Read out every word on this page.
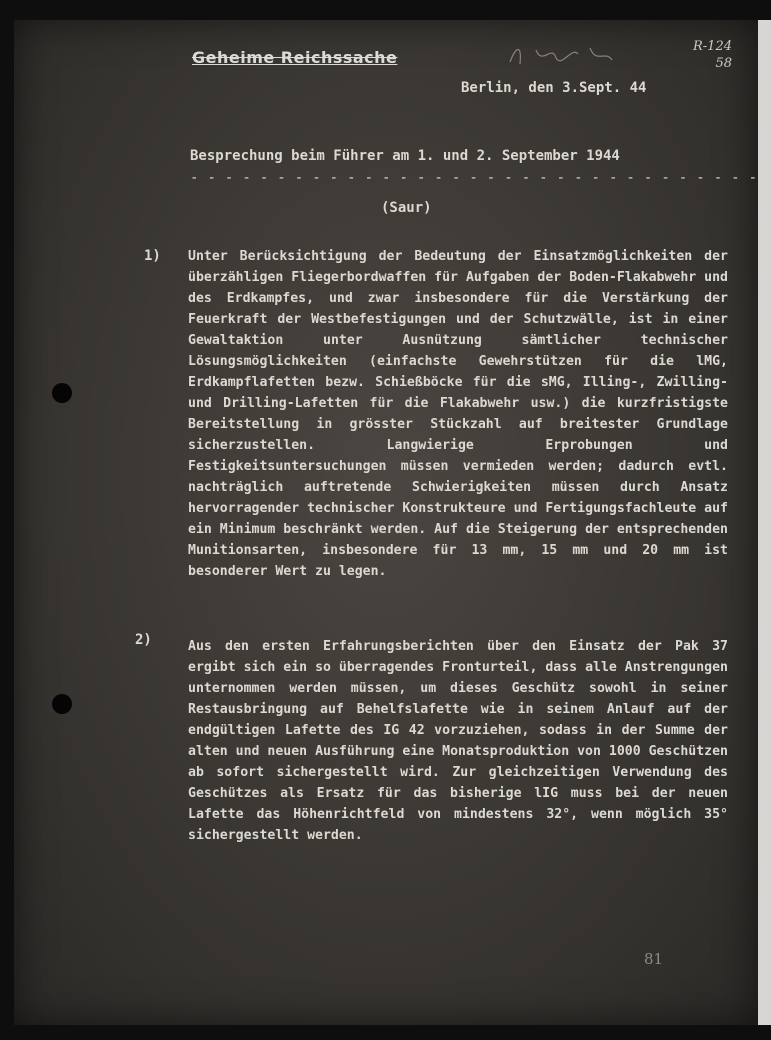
Geheime Reichssache
R-124
58
Berlin, den 3.Sept. 44
Besprechung beim Führer am 1. und 2. September 1944
- - - - - - - - - - - - - - - - - - - - - - - - - - - - - - - - -
(Saur)
1) Unter Berücksichtigung der Bedeutung der Einsatzmöglichkeiten der überzähligen Fliegerbordwaffen für Aufgaben der Boden-Flakabwehr und des Erdkampfes, und zwar insbesondere für die Verstärkung der Feuerkraft der Westbefestigungen und der Schutzwälle, ist in einer Gewaltaktion unter Ausnützung sämtlicher technischer Lösungsmöglichkeiten (einfachste Gewehrstützen für die lMG, Erdkampflafetten bezw. Schießböcke für die sMG, Illing-, Zwilling- und Drilling-Lafetten für die Flakabwehr usw.) die kurzfristigste Bereitstellung in grösster Stückzahl auf breitester Grundlage sicherzustellen. Langwierige Erprobungen und Festigkeitsuntersuchungen müssen vermieden werden; dadurch evtl. nachträglich auftretende Schwierigkeiten müssen durch Ansatz hervorragender technischer Konstrukteure und Fertigungsfachleute auf ein Minimum beschränkt werden. Auf die Steigerung der entsprechenden Munitionsarten, insbesondere für 13 mm, 15 mm und 20 mm ist besonderer Wert zu legen.
2)	Aus den ersten Erfahrungsberichten über den Einsatz der Pak 37 ergibt sich ein so überragendes Fronturteil, dass alle Anstrengungen unternommen werden müssen, um dieses Geschütz sowohl in seiner Restausbringung auf Behelfslafette wie in seinem Anlauf auf der endgültigen Lafette des IG 42 vorzuziehen, sodass in der Summe der alten und neuen Ausführung eine Monatsproduktion von 1000 Geschützen ab sofort sichergestellt wird. Zur gleichzeitigen Verwendung des Geschützes als Ersatz für das bisherige lIG muss bei der neuen Lafette das Höhenrichtfeld von mindestens 32°, wenn möglich 35° sichergestellt werden.
81
